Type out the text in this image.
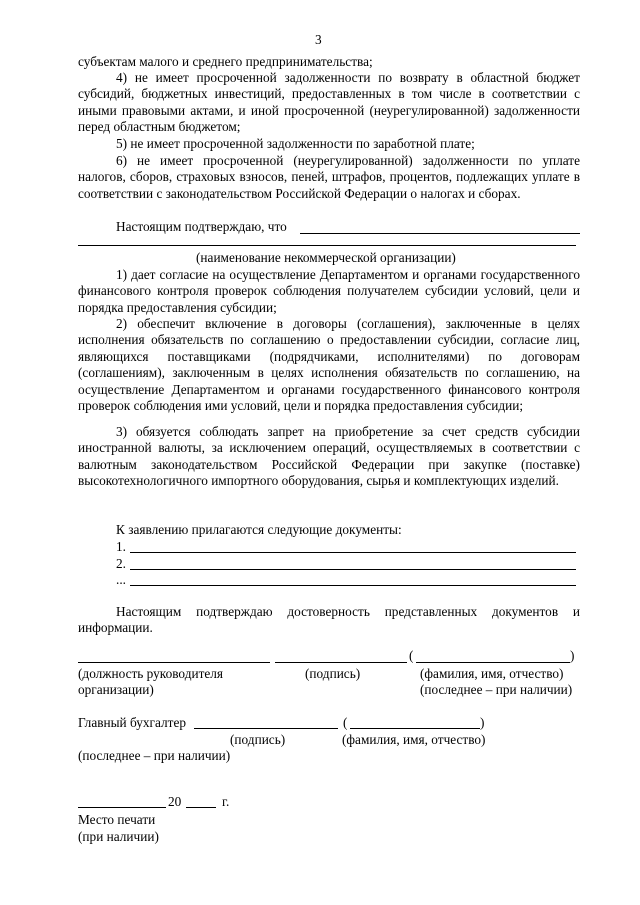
3
субъектам малого и среднего предпринимательства;
4) не имеет просроченной задолженности по возврату в областной бюджет субсидий, бюджетных инвестиций, предоставленных в том числе в соответствии с иными правовыми актами, и иной просроченной (неурегулированной) задолженности перед областным бюджетом;
5) не имеет просроченной задолженности по заработной плате;
6) не имеет просроченной (неурегулированной) задолженности по уплате налогов, сборов, страховых взносов, пеней, штрафов, процентов, подлежащих уплате в соответствии с законодательством Российской Федерации о налогах и сборах.
Настоящим подтверждаю, что
(наименование некоммерческой организации)
1) дает согласие на осуществление Департаментом и органами государственного финансового контроля проверок соблюдения получателем субсидии условий, цели и порядка предоставления субсидии;
2) обеспечит включение в договоры (соглашения), заключенные в целях исполнения обязательств по соглашению о предоставлении субсидии, согласие лиц, являющихся поставщиками (подрядчиками, исполнителями) по договорам (соглашениям), заключенным в целях исполнения обязательств по соглашению, на осуществление Департаментом и органами государственного финансового контроля проверок соблюдения ими условий, цели и порядка предоставления субсидии;
3) обязуется соблюдать запрет на приобретение за счет средств субсидии иностранной валюты, за исключением операций, осуществляемых в соответствии с валютным законодательством Российской Федерации при закупке (поставке) высокотехнологичного импортного оборудования, сырья и комплектующих изделий.
К заявлению прилагаются следующие документы:
1.
2.
...
Настоящим подтверждаю достоверность представленных документов и информации.
(	)
(должность руководителя
организации)
(подпись)	(фамилия, имя, отчество)
(последнее – при наличии)
Главный бухгалтер	(	)
(подпись)	(фамилия, имя, отчество)
(последнее – при наличии)
20	г.
Место печати
(при наличии)
